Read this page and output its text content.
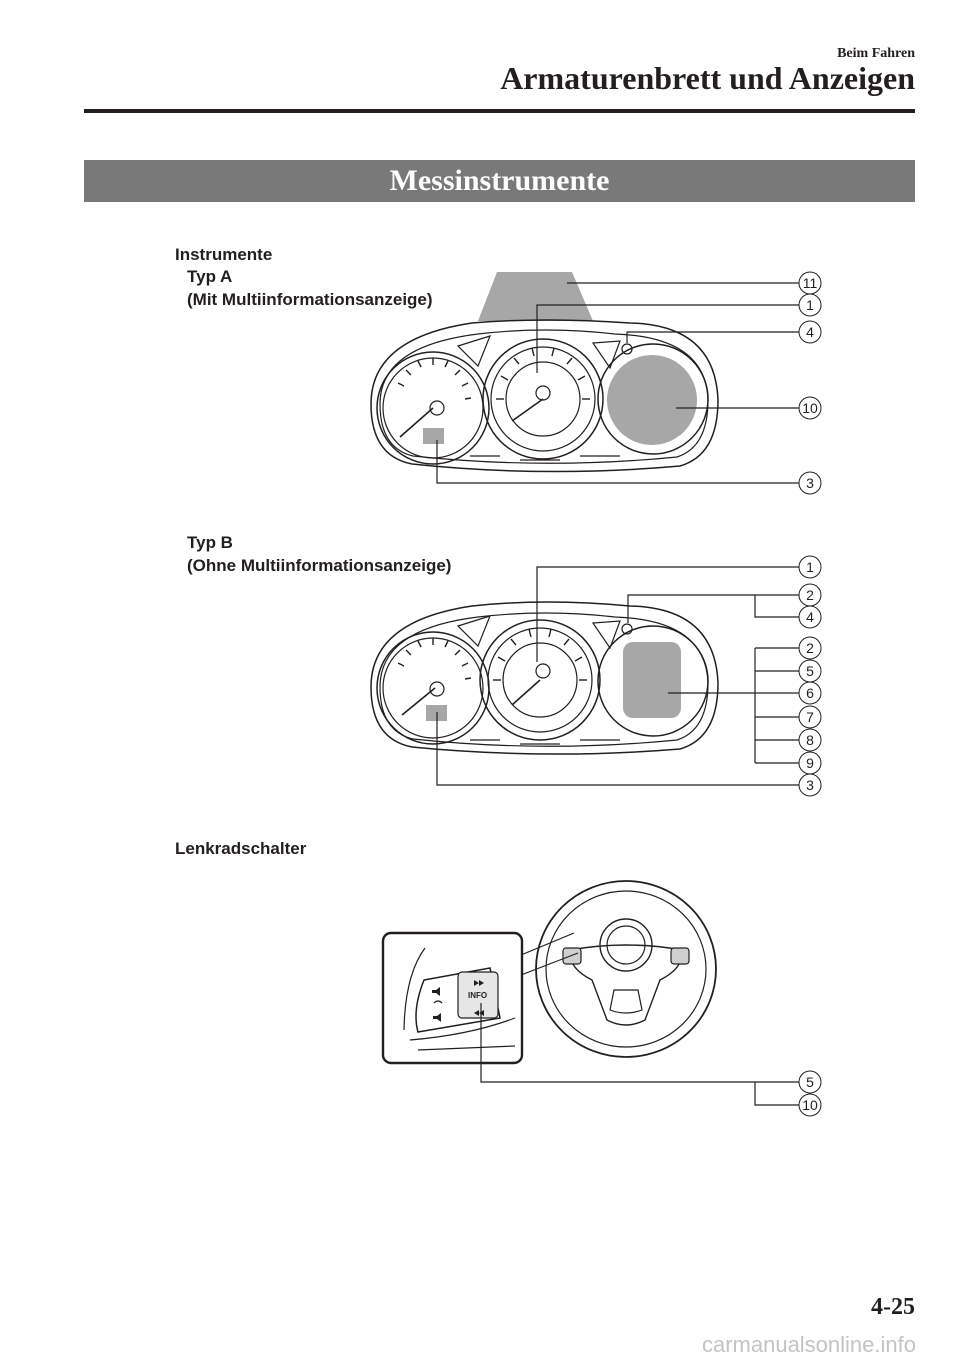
Beim Fahren
Armaturenbrett und Anzeigen
Messinstrumente
Instrumente
Typ A
(Mit Multiinformationsanzeige)
Typ B
(Ohne Multiinformationsanzeige)
Lenkradschalter
INFO
11
1
4
10
3
1
2
4
2
5
6
7
8
9
3
5
10
4-25
carmanualsonline.info
